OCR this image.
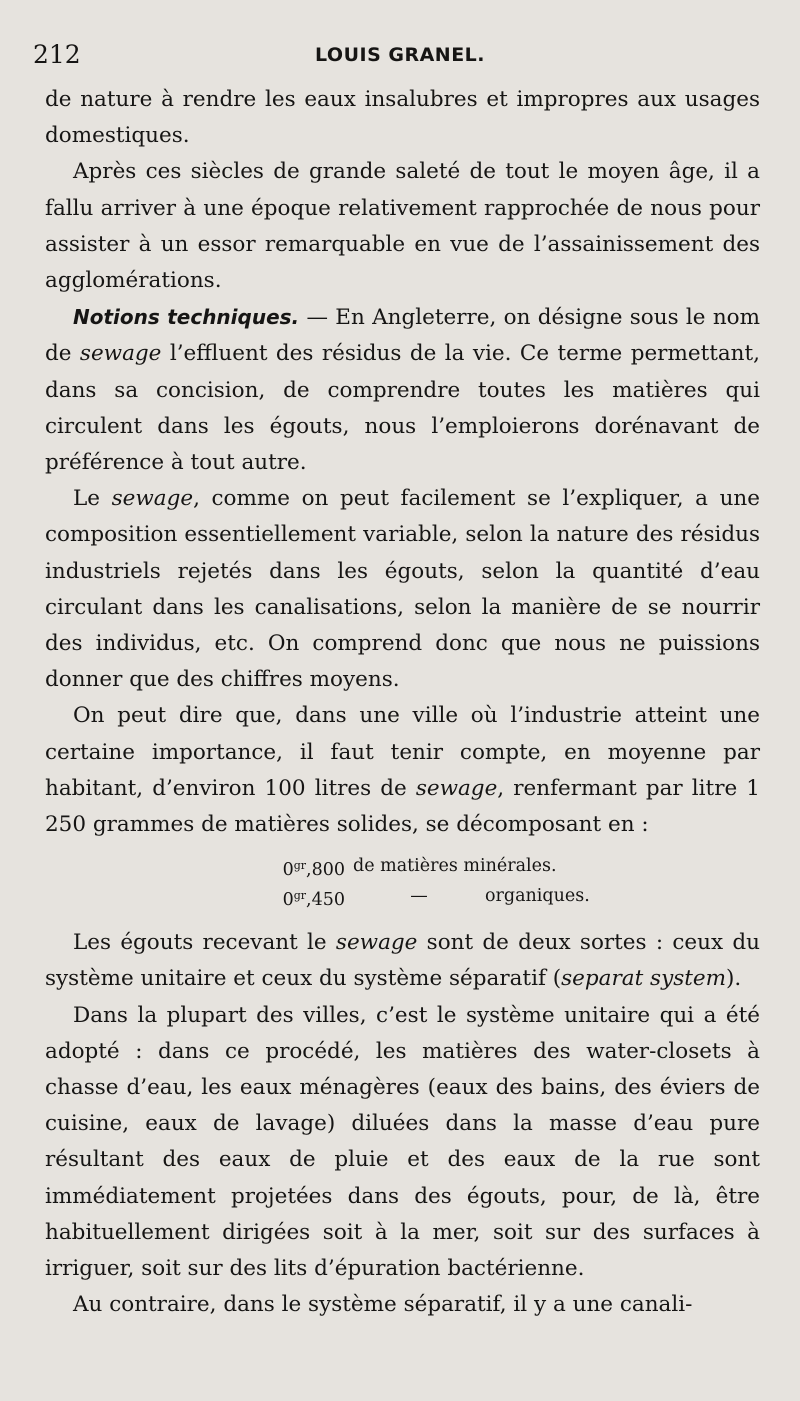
212	LOUIS GRANEL.

de nature à rendre les eaux insalubres et impropres aux usages domestiques.

Après ces siècles de grande saleté de tout le moyen âge, il a fallu arriver à une époque relativement rapprochée de nous pour assister à un essor remarquable en vue de l’assainissement des agglomérations.

Notions techniques. — En Angleterre, on désigne sous le nom de sewage l’effluent des résidus de la vie. Ce terme permettant, dans sa concision, de comprendre toutes les matières qui circulent dans les égouts, nous l’emploierons dorénavant de préférence à tout autre.

Le sewage, comme on peut facilement se l’expliquer, a une composition essentiellement variable, selon la nature des résidus industriels rejetés dans les égouts, selon la quantité d’eau circulant dans les canalisations, selon la manière de se nourrir des individus, etc. On comprend donc que nous ne puissions donner que des chiffres moyens.

On peut dire que, dans une ville où l’industrie atteint une certaine importance, il faut tenir compte, en moyenne par habitant, d’environ 100 litres de sewage, renfermant par litre 1 250 grammes de matières solides, se décomposant en :

$0^{gr},800$ de matières minérales.
$0^{gr},450$	—	organiques.

Les égouts recevant le sewage sont de deux sortes : ceux du système unitaire et ceux du système séparatif (separat system).

Dans la plupart des villes, c’est le système unitaire qui a été adopté : dans ce procédé, les matières des water-closets à chasse d’eau, les eaux ménagères (eaux des bains, des éviers de cuisine, eaux de lavage) diluées dans la masse d’eau pure résultant des eaux de pluie et des eaux de la rue sont immédiatement projetées dans des égouts, pour, de là, être habituellement dirigées soit à la mer, soit sur des surfaces à irriguer, soit sur des lits d’épuration bactérienne.

Au contraire, dans le système séparatif, il y a une canali-
